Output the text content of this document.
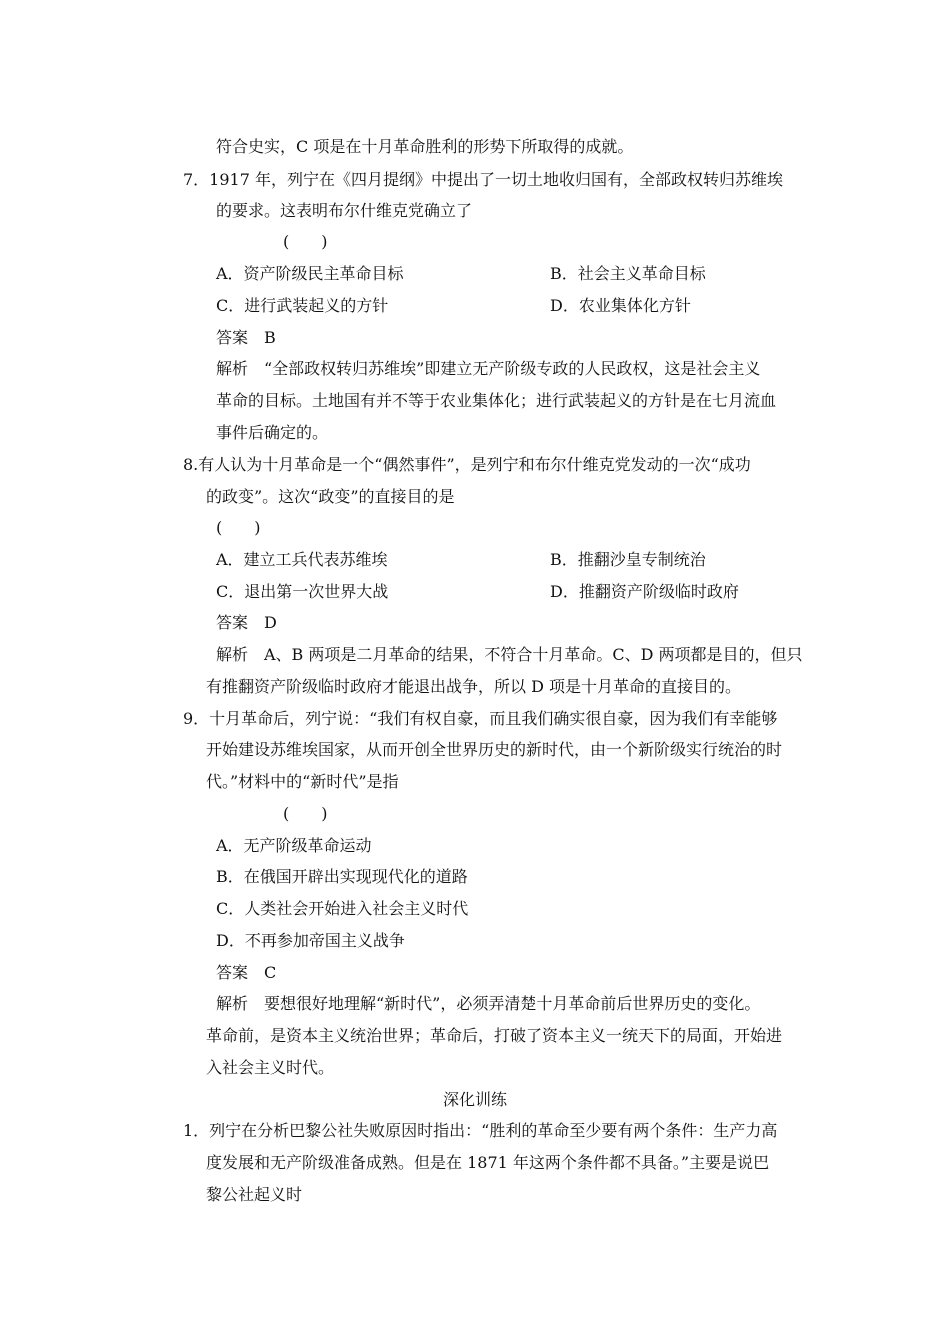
符合史实，C 项是在十月革命胜利的形势下所取得的成就。
7．1917 年，列宁在《四月提纲》中提出了一切土地收归国有，全部政权转归苏维埃
的要求。这表明布尔什维克党确立了
(　　)
A．资产阶级民主革命目标	B．社会主义革命目标
C．进行武装起义的方针	D．农业集体化方针
答案　B
解析　“全部政权转归苏维埃”即建立无产阶级专政的人民政权，这是社会主义
革命的目标。土地国有并不等于农业集体化；进行武装起义的方针是在七月流血
事件后确定的。
8.有人认为十月革命是一个“偶然事件”，是列宁和布尔什维克党发动的一次“成功
的政变”。这次“政变”的直接目的是
(　　)
A．建立工兵代表苏维埃	B．推翻沙皇专制统治
C．退出第一次世界大战	D．推翻资产阶级临时政府
答案　D
解析　A、B 两项是二月革命的结果，不符合十月革命。C、D 两项都是目的，但只
有推翻资产阶级临时政府才能退出战争，所以 D 项是十月革命的直接目的。
9．十月革命后，列宁说：“我们有权自豪，而且我们确实很自豪，因为我们有幸能够
开始建设苏维埃国家，从而开创全世界历史的新时代，由一个新阶级实行统治的时
代。”材料中的“新时代”是指
(　　)
A．无产阶级革命运动
B．在俄国开辟出实现现代化的道路
C．人类社会开始进入社会主义时代
D．不再参加帝国主义战争
答案　C
解析　要想很好地理解“新时代”，必须弄清楚十月革命前后世界历史的变化。
革命前，是资本主义统治世界；革命后，打破了资本主义一统天下的局面，开始进
入社会主义时代。
深化训练
1．列宁在分析巴黎公社失败原因时指出：“胜利的革命至少要有两个条件：生产力高
度发展和无产阶级准备成熟。但是在 1871 年这两个条件都不具备。”主要是说巴
黎公社起义时
